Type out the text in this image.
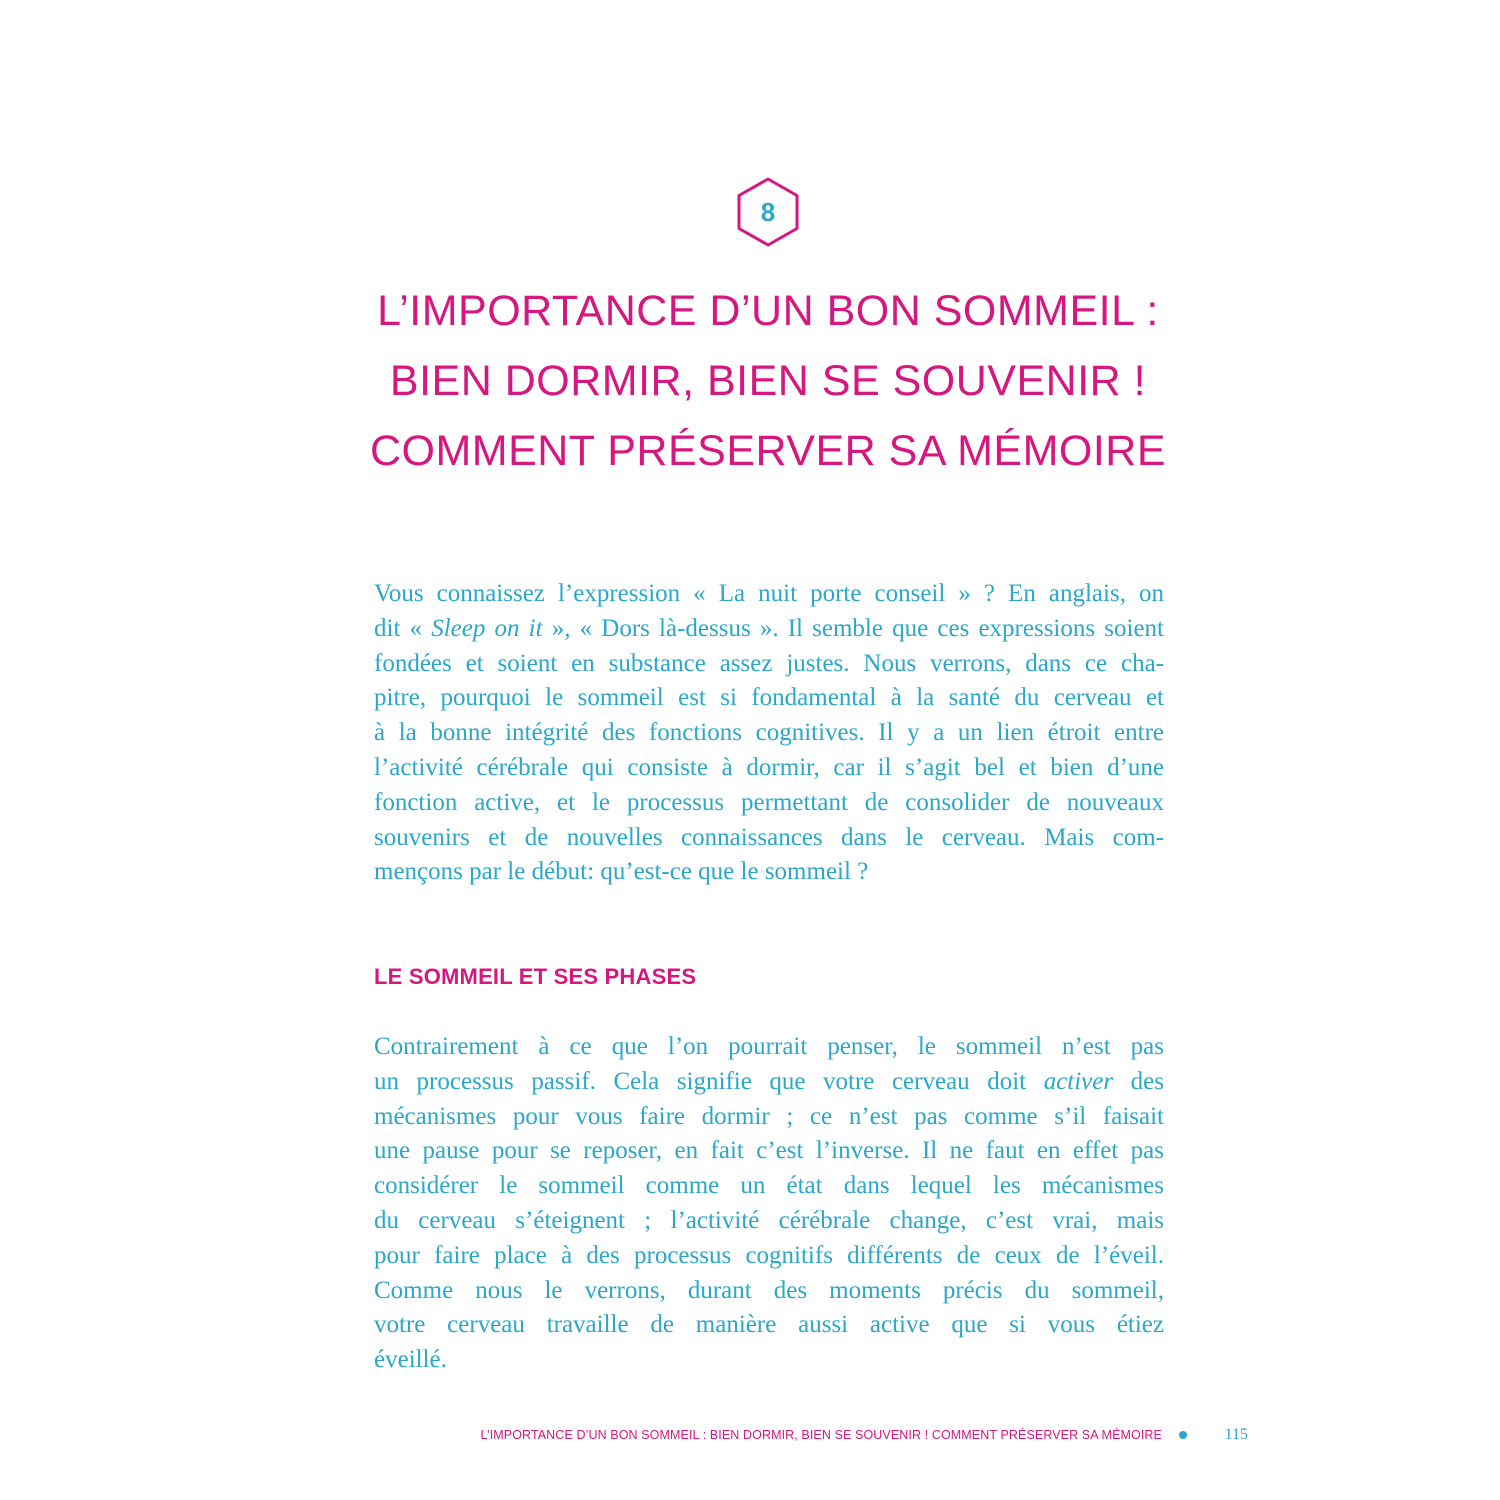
8
L’IMPORTANCE D’UN BON SOMMEIL :
BIEN DORMIR, BIEN SE SOUVENIR !
COMMENT PRÉSERVER SA MÉMOIRE
Vous connaissez l’expression « La nuit porte conseil » ? En anglais, on
dit « Sleep on it », « Dors là-dessus ». Il semble que ces expressions soient
fondées et soient en substance assez justes. Nous verrons, dans ce cha-
pitre, pourquoi le sommeil est si fondamental à la santé du cerveau et
à la bonne intégrité des fonctions cognitives. Il y a un lien étroit entre
l’activité cérébrale qui consiste à dormir, car il s’agit bel et bien d’une
fonction active, et le processus permettant de consolider de nouveaux
souvenirs et de nouvelles connaissances dans le cerveau. Mais com-
mençons par le début: qu’est-ce que le sommeil ?
LE SOMMEIL ET SES PHASES
Contrairement à ce que l’on pourrait penser, le sommeil n’est pas
un processus passif. Cela signifie que votre cerveau doit activer des
mécanismes pour vous faire dormir ; ce n’est pas comme s’il faisait
une pause pour se reposer, en fait c’est l’inverse. Il ne faut en effet pas
considérer le sommeil comme un état dans lequel les mécanismes
du cerveau s’éteignent ; l’activité cérébrale change, c’est vrai, mais
pour faire place à des processus cognitifs différents de ceux de l’éveil.
Comme nous le verrons, durant des moments précis du sommeil,
votre cerveau travaille de manière aussi active que si vous étiez
éveillé.
L’IMPORTANCE D’UN BON SOMMEIL : BIEN DORMIR, BIEN SE SOUVENIR ! COMMENT PRÉSERVER SA MÉMOIRE	115
